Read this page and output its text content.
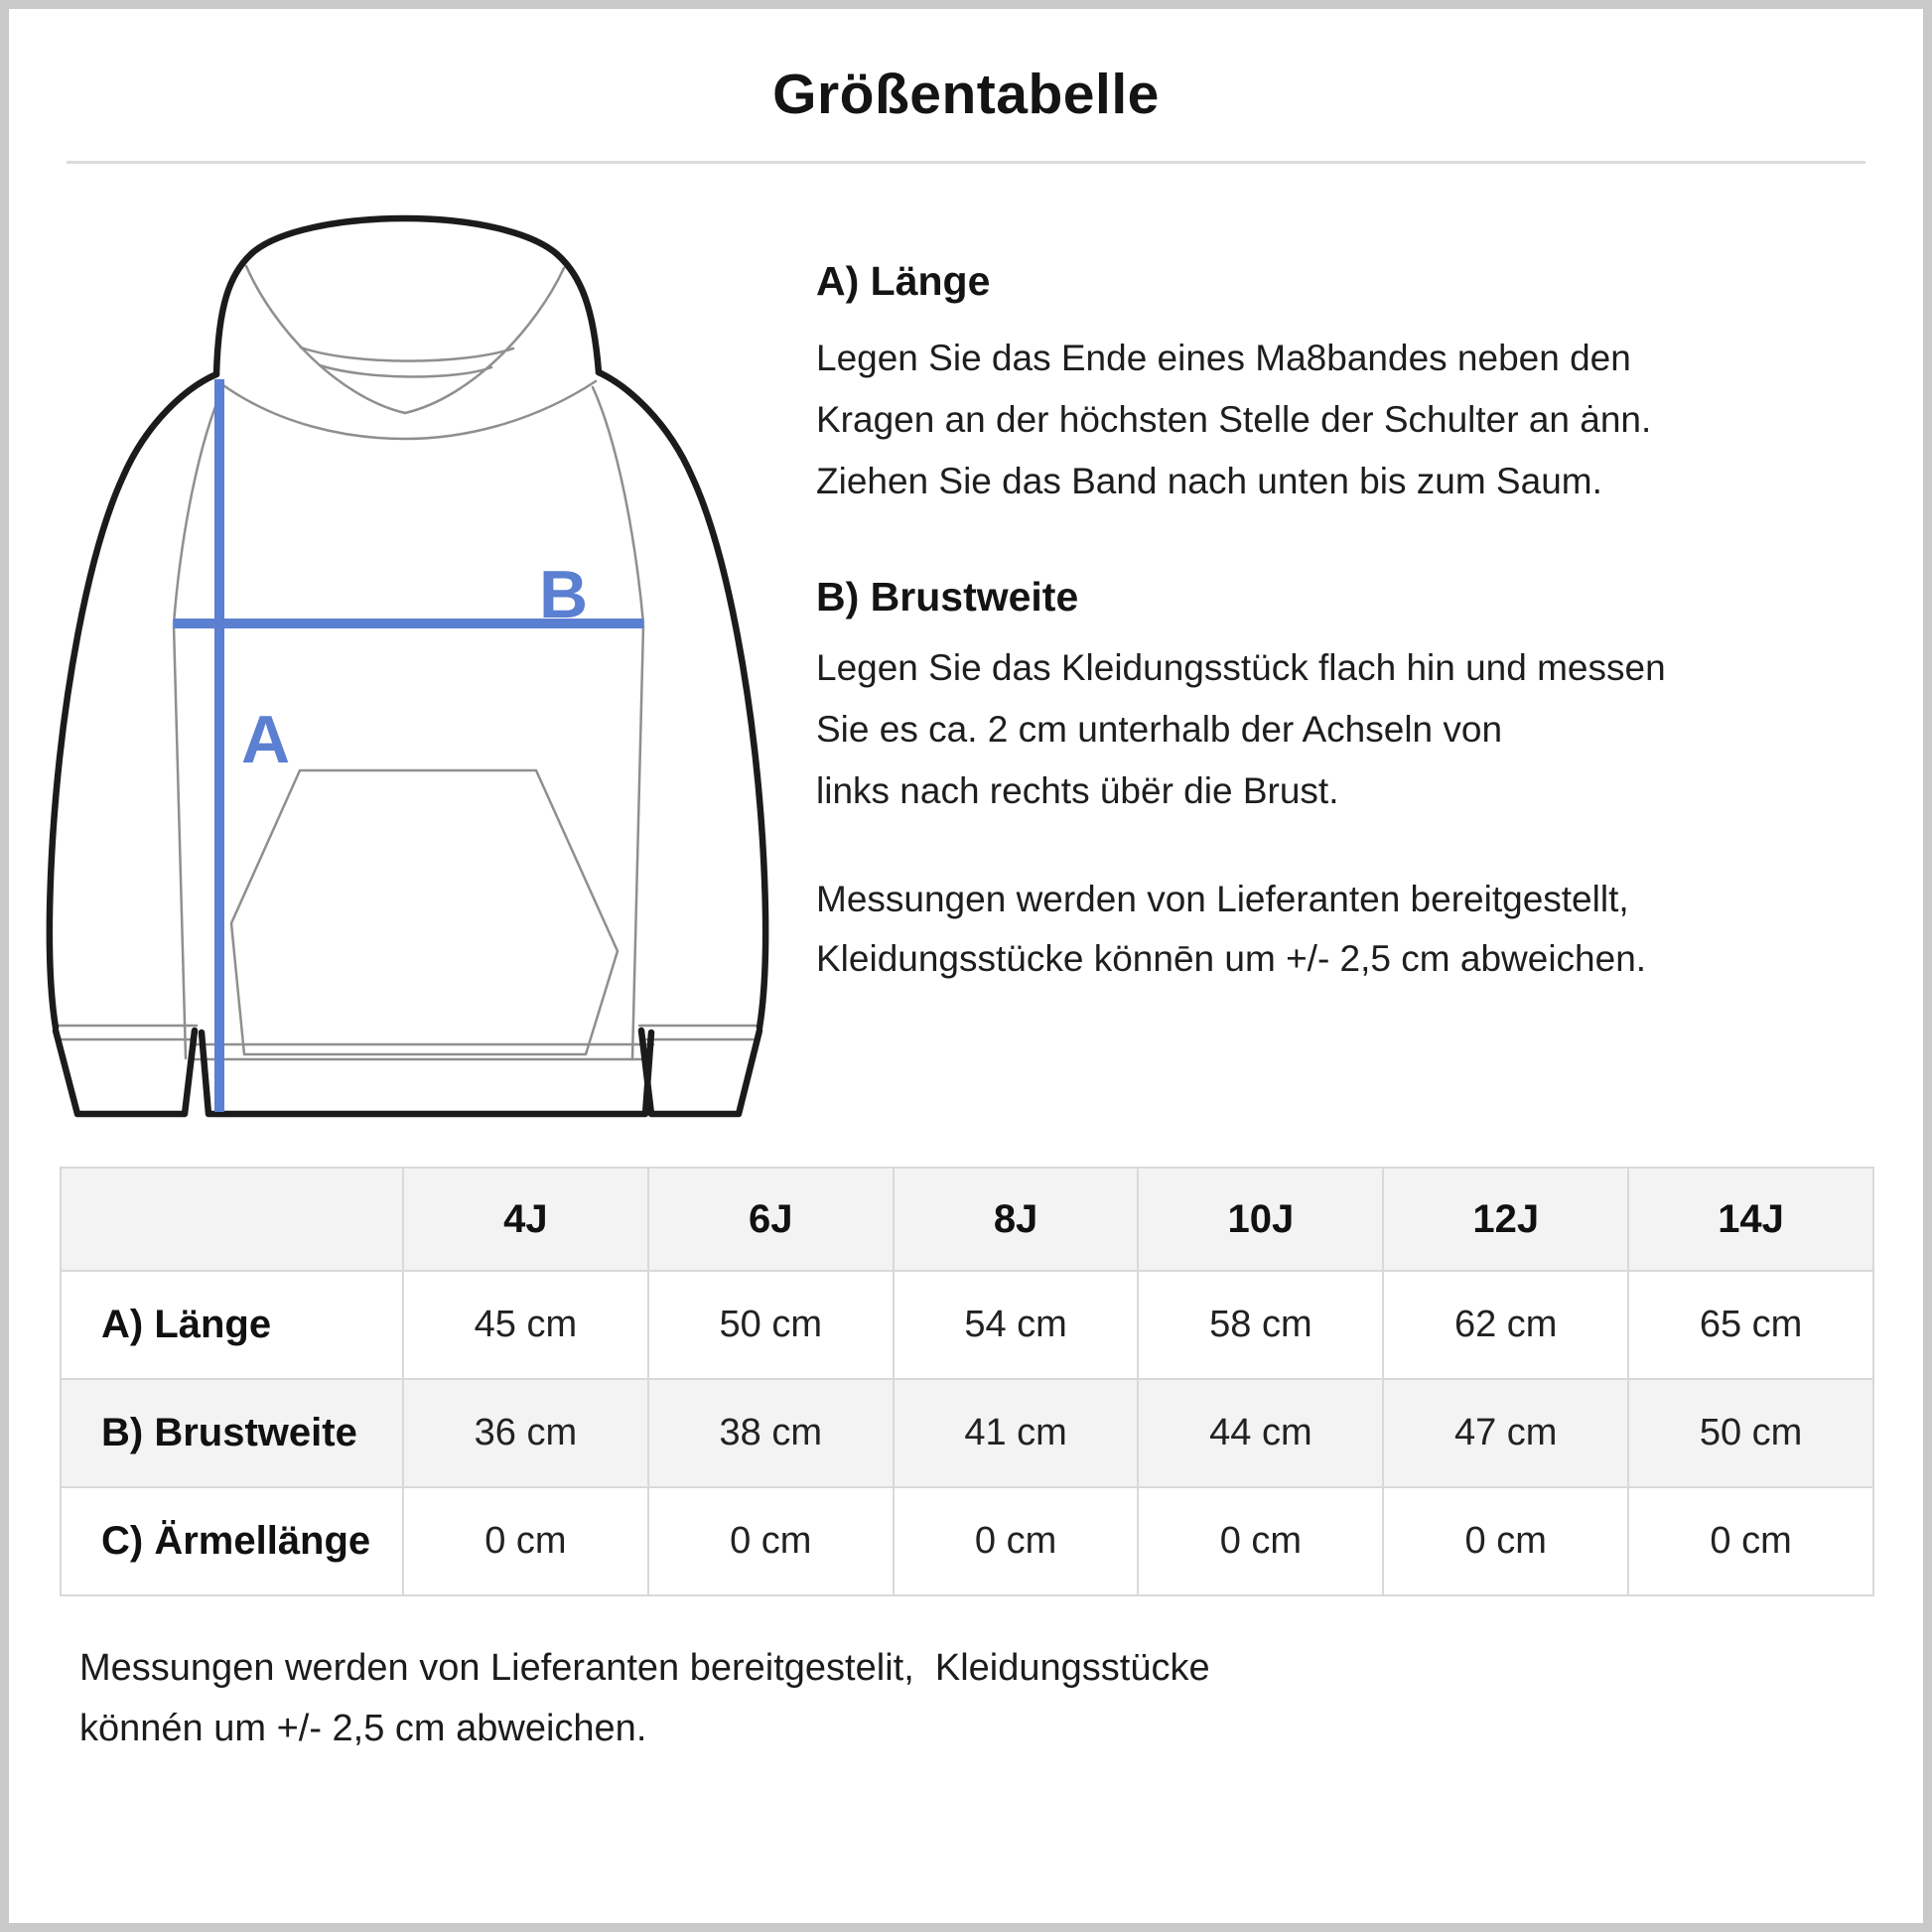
Größentabelle
B
A
A) Länge
Legen Sie das Ende eines Ma8bandes neben den
Kragen an der höchsten Stelle der Schulter an ȧnn.
Ziehen Sie das Band nach unten bis zum Saum.
B) Brustweite
Legen Sie das Kleidungsstück flach hin und messen
Sie es ca. 2 cm unterhalb der Achseln von
links nach rechts übër die Brust.
Messungen werden von Lieferanten bereitgestellt,
Kleidungsstücke könnēn um +/- 2,5 cm abweichen.
	4J	6J	8J	10J	12J	14J
A) Länge	45 cm	50 cm	54 cm	58 cm	62 cm	65 cm
B) Brustweite	36 cm	38 cm	41 cm	44 cm	47 cm	50 cm
C) Ärmellänge	0 cm	0 cm	0 cm	0 cm	0 cm	0 cm
Messungen werden von Lieferanten bereitgestelit,  Kleidungsstücke
könnén um +/- 2,5 cm abweichen.
